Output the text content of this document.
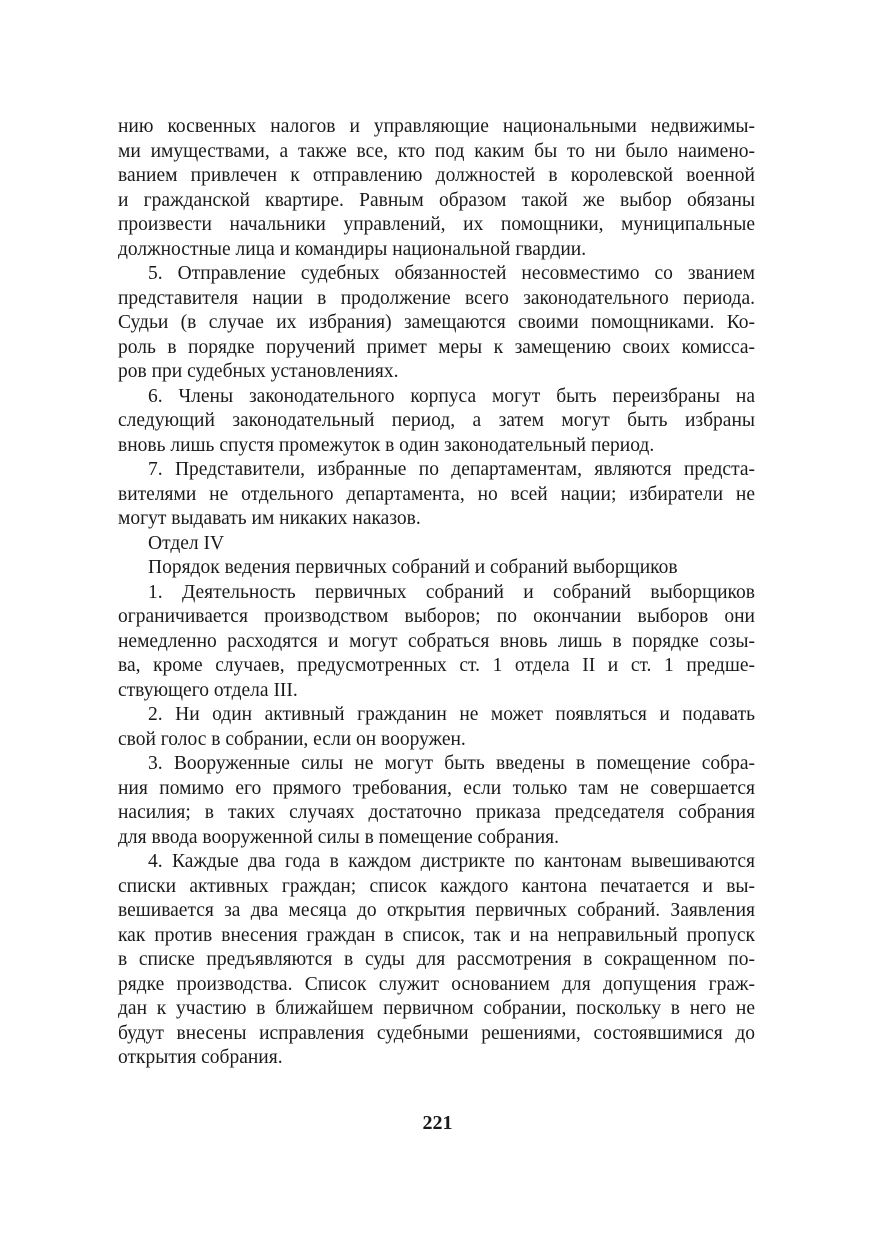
нию косвенных налогов и управляющие национальными недвижимы-
ми имуществами, а также все, кто под каким бы то ни было наимено-
ванием привлечен к отправлению должностей в королевской военной
и гражданской квартире. Равным образом такой же выбор обязаны
произвести начальники управлений, их помощники, муниципальные
должностные лица и командиры национальной гвардии.
5. Отправление судебных обязанностей несовместимо со званием
представителя нации в продолжение всего законодательного периода.
Судьи (в случае их избрания) замещаются своими помощниками. Ко-
роль в порядке поручений примет меры к замещению своих комисса-
ров при судебных установлениях.
6. Члены законодательного корпуса могут быть переизбраны на
следующий законодательный период, а затем могут быть избраны
вновь лишь спустя промежуток в один законодательный период.
7. Представители, избранные по департаментам, являются предста-
вителями не отдельного департамента, но всей нации; избиратели не
могут выдавать им никаких наказов.
Отдел IV
Порядок ведения первичных собраний и собраний выборщиков
1. Деятельность первичных собраний и собраний выборщиков
ограничивается производством выборов; по окончании выборов они
немедленно расходятся и могут собраться вновь лишь в порядке созы-
ва, кроме случаев, предусмотренных ст. 1 отдела II и ст. 1 предше-
ствующего отдела III.
2. Ни один активный гражданин не может появляться и подавать
свой голос в собрании, если он вооружен.
3. Вооруженные силы не могут быть введены в помещение собра-
ния помимо его прямого требования, если только там не совершается
насилия; в таких случаях достаточно приказа председателя собрания
для ввода вооруженной силы в помещение собрания.
4. Каждые два года в каждом дистрикте по кантонам вывешиваются
списки активных граждан; список каждого кантона печатается и вы-
вешивается за два месяца до открытия первичных собраний. Заявления
как против внесения граждан в список, так и на неправильный пропуск
в списке предъявляются в суды для рассмотрения в сокращенном по-
рядке производства. Список служит основанием для допущения граж-
дан к участию в ближайшем первичном собрании, поскольку в него не
будут внесены исправления судебными решениями, состоявшимися до
открытия собрания.
221
